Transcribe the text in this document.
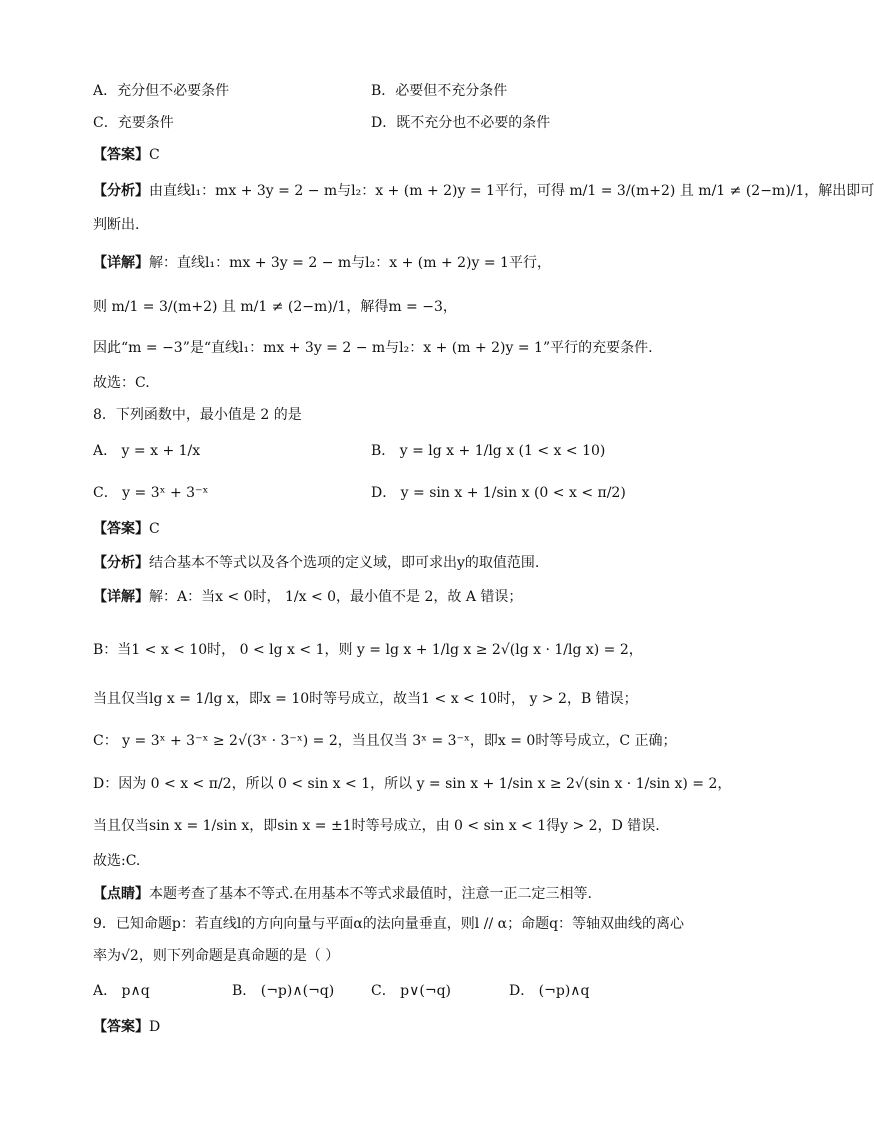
A．充分但不必要条件	B．必要但不充分条件
C．充要条件	D．既不充分也不必要的条件
【答案】C
【分析】由直线l₁：mx + 3y = 2 − m与l₂：x + (m + 2)y = 1平行，可得 m/1 = 3/(m+2) 且 m/1 ≠ (2−m)/1，解出即可
判断出.
【详解】解：直线l₁：mx + 3y = 2 − m与l₂：x + (m + 2)y = 1平行，
则 m/1 = 3/(m+2) 且 m/1 ≠ (2−m)/1，解得m = −3，
因此“m = −3”是“直线l₁：mx + 3y = 2 − m与l₂：x + (m + 2)y = 1”平行的充要条件.
故选：C.
8．下列函数中，最小值是 2 的是
A． y = x + 1/x	B． y = lg x + 1/lg x (1 < x < 10)
C． y = 3ˣ + 3⁻ˣ	D． y = sin x + 1/sin x (0 < x < π/2)
【答案】C
【分析】结合基本不等式以及各个选项的定义域，即可求出y的取值范围.
【详解】解：A：当x < 0时， 1/x < 0，最小值不是 2，故 A 错误；
B：当1 < x < 10时， 0 < lg x < 1，则 y = lg x + 1/lg x ≥ 2√(lg x · 1/lg x) = 2，
当且仅当lg x = 1/lg x，即x = 10时等号成立，故当1 < x < 10时， y > 2，B 错误；
C： y = 3ˣ + 3⁻ˣ ≥ 2√(3ˣ · 3⁻ˣ) = 2，当且仅当 3ˣ = 3⁻ˣ，即x = 0时等号成立，C 正确；
D：因为 0 < x < π/2，所以 0 < sin x < 1，所以 y = sin x + 1/sin x ≥ 2√(sin x · 1/sin x) = 2，
当且仅当sin x = 1/sin x，即sin x = ±1时等号成立，由 0 < sin x < 1得y > 2，D 错误.
故选:C.
【点睛】本题考查了基本不等式.在用基本不等式求最值时，注意一正二定三相等.
9．已知命题p：若直线l的方向向量与平面α的法向量垂直，则l // α；命题q：等轴双曲线的离心
率为√2，则下列命题是真命题的是（ ）
A． p∧q	B． (¬p)∧(¬q)	C． p∨(¬q)	D． (¬p)∧q
【答案】D
